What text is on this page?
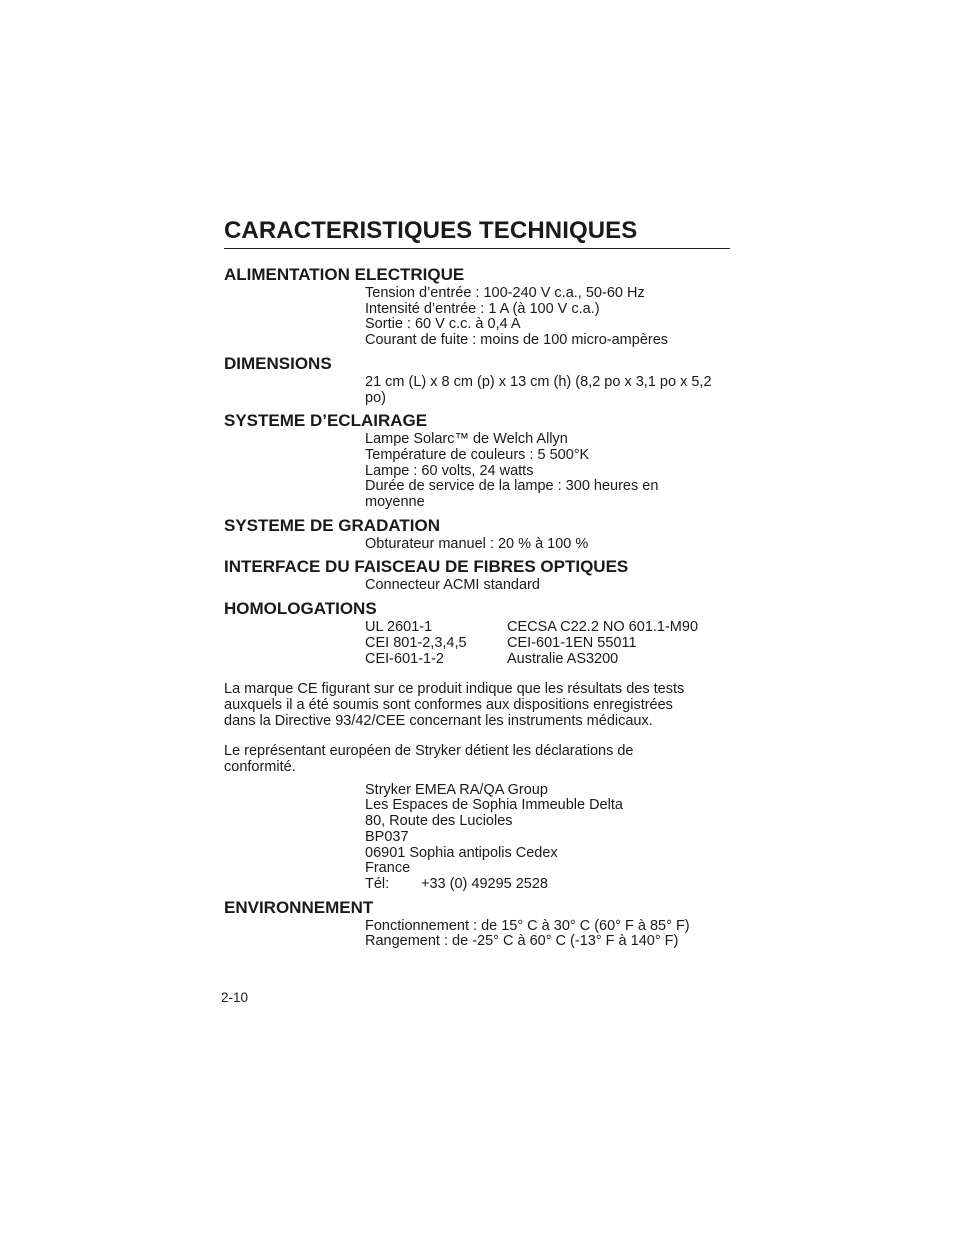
CARACTERISTIQUES TECHNIQUES
ALIMENTATION ELECTRIQUE
Tension d’entrée : 100-240 V c.a., 50-60 Hz
Intensité d’entrée : 1 A (à 100 V c.a.)
Sortie : 60 V c.c. à 0,4 A
Courant de fuite : moins de 100 micro-ampères
DIMENSIONS
21 cm (L) x 8 cm (p) x 13 cm (h) (8,2 po x 3,1 po x 5,2
po)
SYSTEME D’ECLAIRAGE
Lampe Solarc™ de Welch Allyn
Température de couleurs : 5 500°K
Lampe : 60 volts, 24 watts
Durée de service de la lampe : 300 heures en
moyenne
SYSTEME DE GRADATION
Obturateur manuel : 20 % à 100 %
INTERFACE DU FAISCEAU DE FIBRES OPTIQUES
Connecteur ACMI standard
HOMOLOGATIONS
UL 2601-1	CECSA C22.2 NO 601.1-M90
CEI 801-2,3,4,5	CEI-601-1EN 55011
CEI-601-1-2	Australie AS3200

La marque CE figurant sur ce produit indique que les résultats des tests
auxquels il a été soumis sont conformes aux dispositions enregistrées
dans la Directive 93/42/CEE concernant les instruments médicaux.

Le représentant européen de Stryker détient les déclarations de
conformité.

Stryker EMEA RA/QA Group
Les Espaces de Sophia Immeuble Delta
80, Route des Lucioles
BP037
06901 Sophia antipolis Cedex
France
Tél:	+33 (0) 49295 2528
ENVIRONNEMENT
Fonctionnement : de 15° C à 30° C (60° F à 85° F)
Rangement : de -25° C à 60° C (-13° F à 140° F)
2-10
